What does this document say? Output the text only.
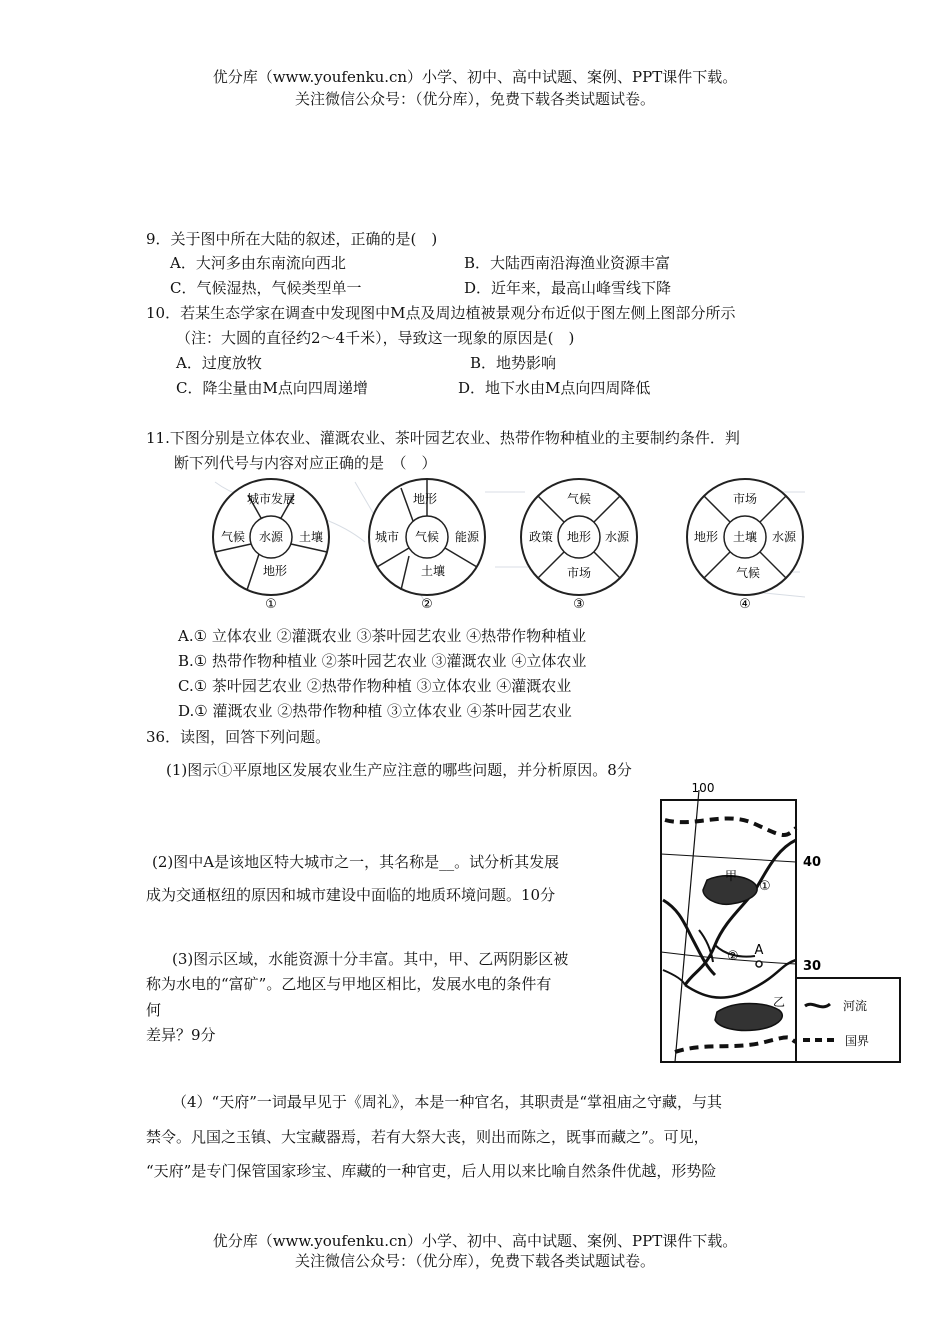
优分库（www.youfenku.cn）小学、初中、高中试题、案例、PPT课件下载。
关注微信公众号：（优分库），免费下载各类试题试卷。
9．关于图中所在大陆的叙述，正确的是(　)
A．大河多由东南流向西北	B．大陆西南沿海渔业资源丰富
C．气候湿热，气候类型单一	D．近年来，最高山峰雪线下降
10．若某生态学家在调查中发现图中M点及周边植被景观分布近似于图左侧上图部分所示
（注：大圆的直径约2～4千米），导致这一现象的原因是(　)
A．过度放牧	B．地势影响
C．降尘量由M点向四周递增	D．地下水由M点向四周降低
11.下图分别是立体农业、灌溉农业、茶叶园艺农业、热带作物种植业的主要制约条件．判
断下列代号与内容对应正确的是　（　）
水源
城市发展
气候	土壤
地形
①
气候
地形
城市	能源
土壤
②
地形
气候
政策	水源
市场
③
土壤
市场
地形	水源
气候
④
A.① 立体农业 ②灌溉农业 ③茶叶园艺农业 ④热带作物种植业
B.① 热带作物种植业 ②茶叶园艺农业 ③灌溉农业 ④立体农业
C.① 茶叶园艺农业 ②热带作物种植 ③立体农业 ④灌溉农业
D.① 灌溉农业 ②热带作物种植 ③立体农业 ④茶叶园艺农业
36．读图，回答下列问题。
(1)图示①平原地区发展农业生产应注意的哪些问题，并分析原因。8分
(2)图中A是该地区特大城市之一，其名称是__。试分析其发展
成为交通枢纽的原因和城市建设中面临的地质环境问题。10分
(3)图示区域，水能资源十分丰富。其中，甲、乙两阴影区被
称为水电的“富矿”。乙地区与甲地区相比，发展水电的条件有
何
差异？9分
100
40
30
甲
乙
①
② A
河流
国界
（4）“天府”一词最早见于《周礼》，本是一种官名，其职责是“掌祖庙之守藏，与其
禁令。凡国之玉镇、大宝藏器焉，若有大祭大丧，则出而陈之，既事而藏之”。可见，
“天府”是专门保管国家珍宝、库藏的一种官吏，后人用以来比喻自然条件优越，形势险
优分库（www.youfenku.cn）小学、初中、高中试题、案例、PPT课件下载。
关注微信公众号：（优分库），免费下载各类试题试卷。
